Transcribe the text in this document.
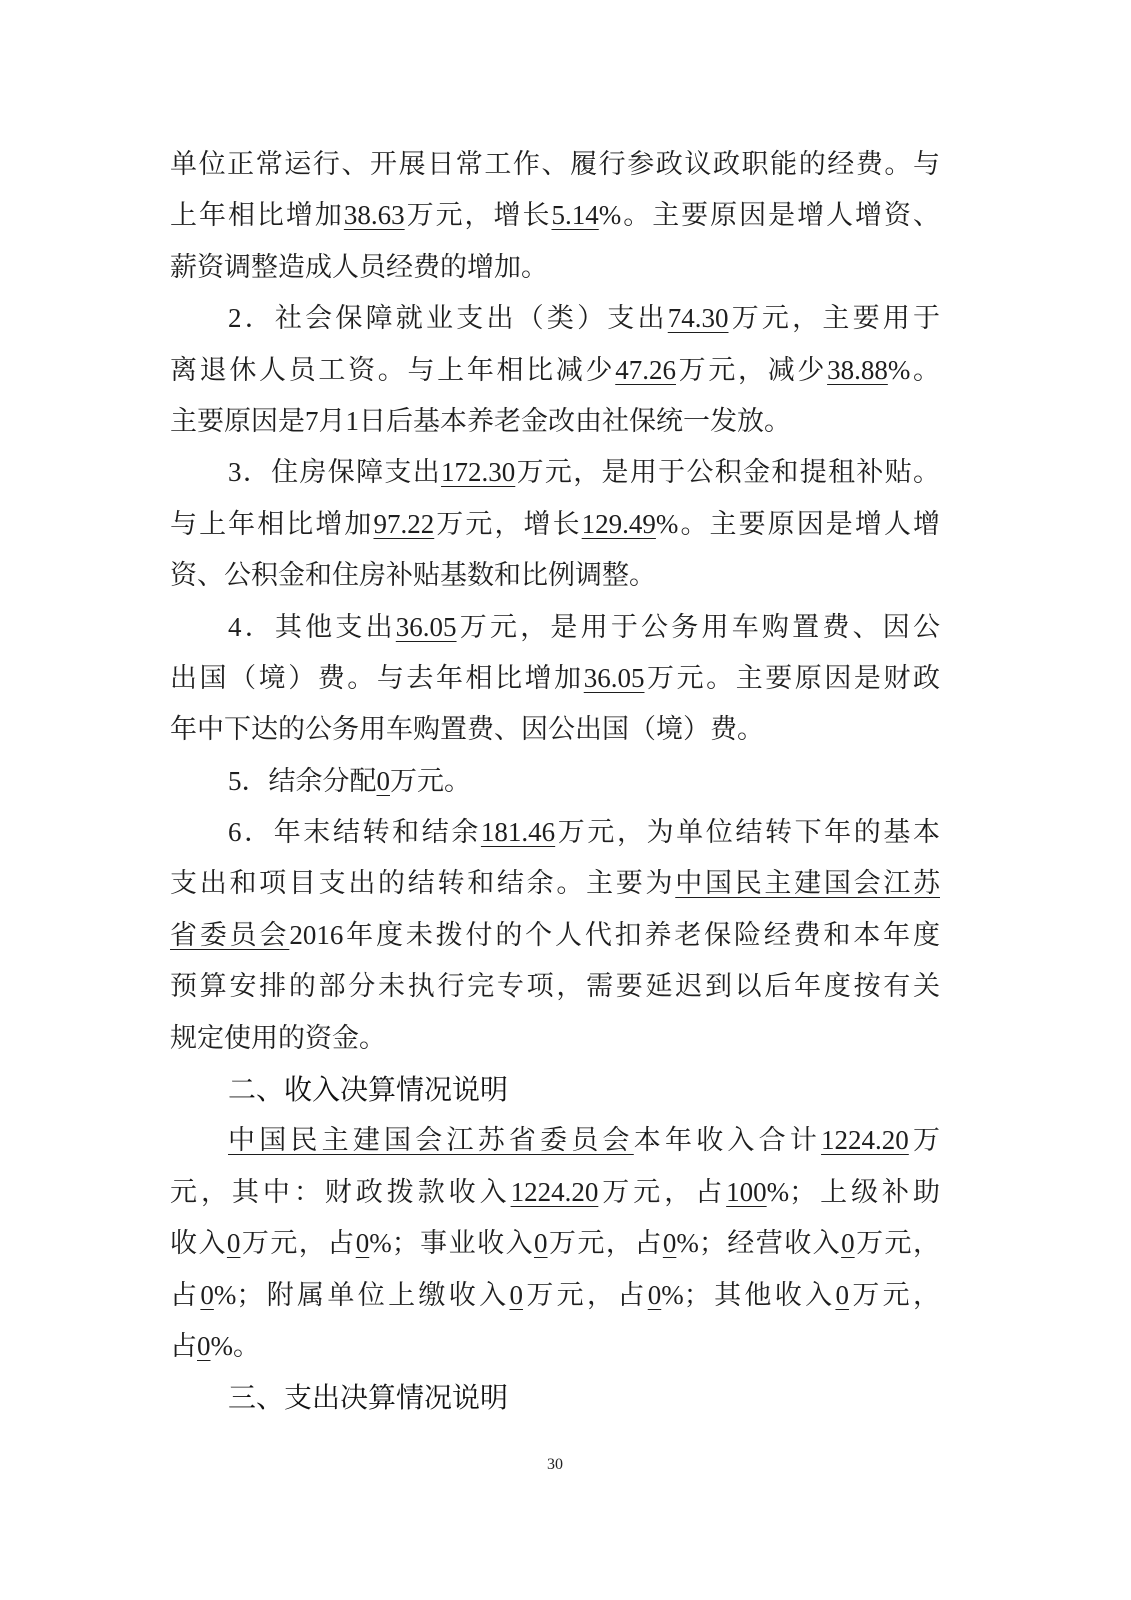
单位正常运行、开展日常工作、履行参政议政职能的经费。与
上年相比增加38.63万元，增长5.14%。主要原因是增人增资、
薪资调整造成人员经费的增加。
2．社会保障就业支出（类）支出74.30万元，主要用于
离退休人员工资。与上年相比减少47.26万元，减少38.88%。
主要原因是7月1日后基本养老金改由社保统一发放。
3．住房保障支出172.30万元，是用于公积金和提租补贴。
与上年相比增加97.22万元，增长129.49%。主要原因是增人增
资、公积金和住房补贴基数和比例调整。
4．其他支出36.05万元，是用于公务用车购置费、因公
出国（境）费。与去年相比增加36.05万元。主要原因是财政
年中下达的公务用车购置费、因公出国（境）费。
5．结余分配0万元。
6．年末结转和结余181.46万元，为单位结转下年的基本
支出和项目支出的结转和结余。主要为中国民主建国会江苏
省委员会2016年度未拨付的个人代扣养老保险经费和本年度
预算安排的部分未执行完专项，需要延迟到以后年度按有关
规定使用的资金。
二、收入决算情况说明
中国民主建国会江苏省委员会本年收入合计1224.20万
元，其中：财政拨款收入1224.20万元，占100%；上级补助
收入0万元，占0%；事业收入0万元，占0%；经营收入0万元，
占0%；附属单位上缴收入0万元，占0%；其他收入0万元，
占0%。
三、支出决算情况说明
30
